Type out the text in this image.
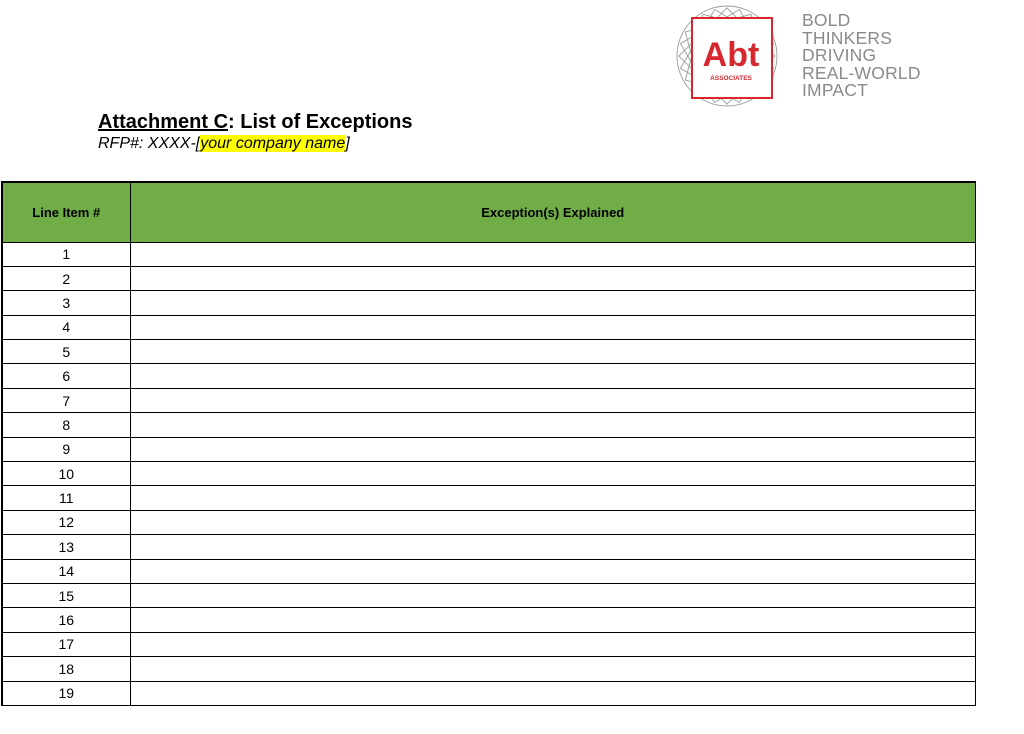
Abt
ASSOCIATES
BOLD
THINKERS
DRIVING
REAL-WORLD
IMPACT
Attachment C: List of Exceptions
RFP#: XXXX-[your company name]
Line Item #	Exception(s) Explained
1	
2	
3	
4	
5	
6	
7	
8	
9	
10	
11	
12	
13	
14	
15	
16	
17	
18	
19	
